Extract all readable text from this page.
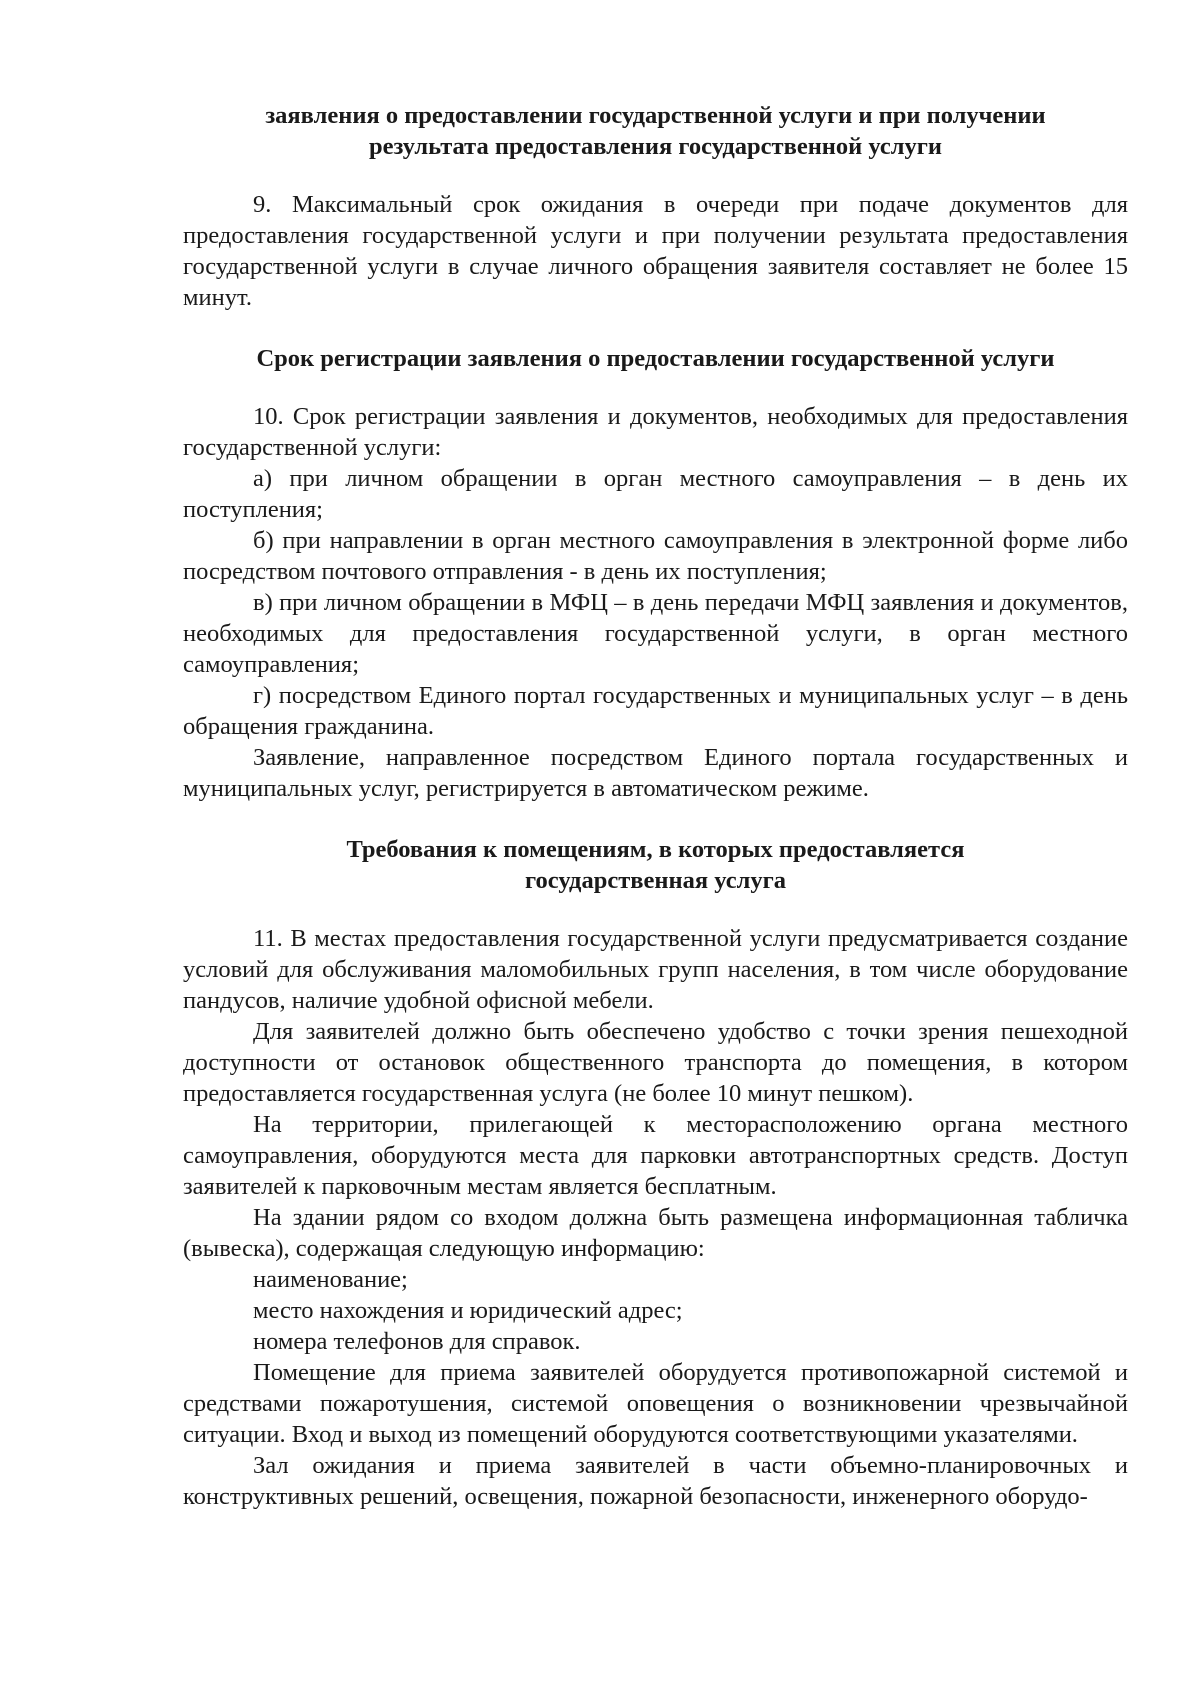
заявления о предоставлении государственной услуги и при получении
результата предоставления государственной услуги

9. Максимальный срок ожидания в очереди при подаче документов для предоставления государственной услуги и при получении результата предоставления государственной услуги в случае личного обращения заявителя составляет не более 15 минут.

Срок регистрации заявления о предоставлении государственной услуги

10. Срок регистрации заявления и документов, необходимых для предоставления государственной услуги:

а) при личном обращении в орган местного самоуправления – в день их поступления;

б) при направлении в орган местного самоуправления в электронной форме либо посредством почтового отправления - в день их поступления;

в) при личном обращении в МФЦ – в день передачи МФЦ заявления и документов, необходимых для предоставления государственной услуги, в орган местного самоуправления;

г) посредством Единого портал государственных и муниципальных услуг – в день обращения гражданина.

Заявление, направленное посредством Единого портала государственных и муниципальных услуг, регистрируется в автоматическом режиме.

Требования к помещениям, в которых предоставляется
государственная услуга

11. В местах предоставления государственной услуги предусматривается создание условий для обслуживания маломобильных групп населения, в том числе оборудование пандусов, наличие удобной офисной мебели.

Для заявителей должно быть обеспечено удобство с точки зрения пешеходной доступности от остановок общественного транспорта до помещения, в котором предоставляется государственная услуга (не более 10 минут пешком).

На территории, прилегающей к месторасположению органа местного самоуправления, оборудуются места для парковки автотранспортных средств. Доступ заявителей к парковочным местам является бесплатным.

На здании рядом со входом должна быть размещена информационная табличка (вывеска), содержащая следующую информацию:

наименование;

место нахождения и юридический адрес;

номера телефонов для справок.

Помещение для приема заявителей оборудуется противопожарной системой и средствами пожаротушения, системой оповещения о возникновении чрезвычайной ситуации. Вход и выход из помещений оборудуются соответствующими указателями.

Зал ожидания и приема заявителей в части объемно-планировочных и конструктивных решений, освещения, пожарной безопасности, инженерного оборудо-
